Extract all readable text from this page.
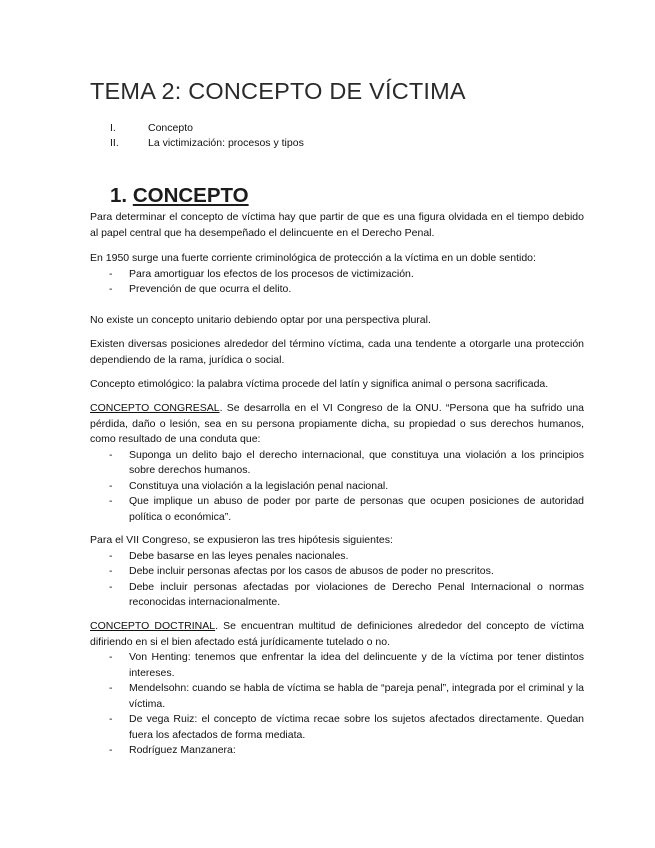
TEMA 2: CONCEPTO DE VÍCTIMA
I.	Concepto
II.	La victimización: procesos y tipos
1. CONCEPTO

Para determinar el concepto de víctima hay que partir de que es una figura olvidada en el tiempo debido al papel central que ha desempeñado el delincuente en el Derecho Penal.

En 1950 surge una fuerte corriente criminológica de protección a la víctima en un doble sentido:

- Para amortiguar los efectos de los procesos de victimización.
- Prevención de que ocurra el delito.

No existe un concepto unitario debiendo optar por una perspectiva plural.

Existen diversas posiciones alrededor del término víctima, cada una tendente a otorgarle una protección dependiendo de la rama, jurídica o social.

Concepto etimológico: la palabra víctima procede del latín y significa animal o persona sacrificada.

CONCEPTO CONGRESAL. Se desarrolla en el VI Congreso de la ONU. “Persona que ha sufrido una pérdida, daño o lesión, sea en su persona propiamente dicha, su propiedad o sus derechos humanos, como resultado de una conduta que:

- Suponga un delito bajo el derecho internacional, que constituya una violación a los principios sobre derechos humanos.
- Constituya una violación a la legislación penal nacional.
- Que implique un abuso de poder por parte de personas que ocupen posiciones de autoridad política o económica”.

Para el VII Congreso, se expusieron las tres hipótesis siguientes:

- Debe basarse en las leyes penales nacionales.
- Debe incluir personas afectas por los casos de abusos de poder no prescritos.
- Debe incluir personas afectadas por violaciones de Derecho Penal Internacional o normas reconocidas internacionalmente.

CONCEPTO DOCTRINAL. Se encuentran multitud de definiciones alrededor del concepto de víctima difiriendo en si el bien afectado está jurídicamente tutelado o no.

- Von Henting: tenemos que enfrentar la idea del delincuente y de la víctima por tener distintos intereses.
- Mendelsohn: cuando se habla de víctima se habla de “pareja penal”, integrada por el criminal y la víctima.
- De vega Ruiz: el concepto de víctima recae sobre los sujetos afectados directamente. Quedan fuera los afectados de forma mediata.
- Rodríguez Manzanera:
